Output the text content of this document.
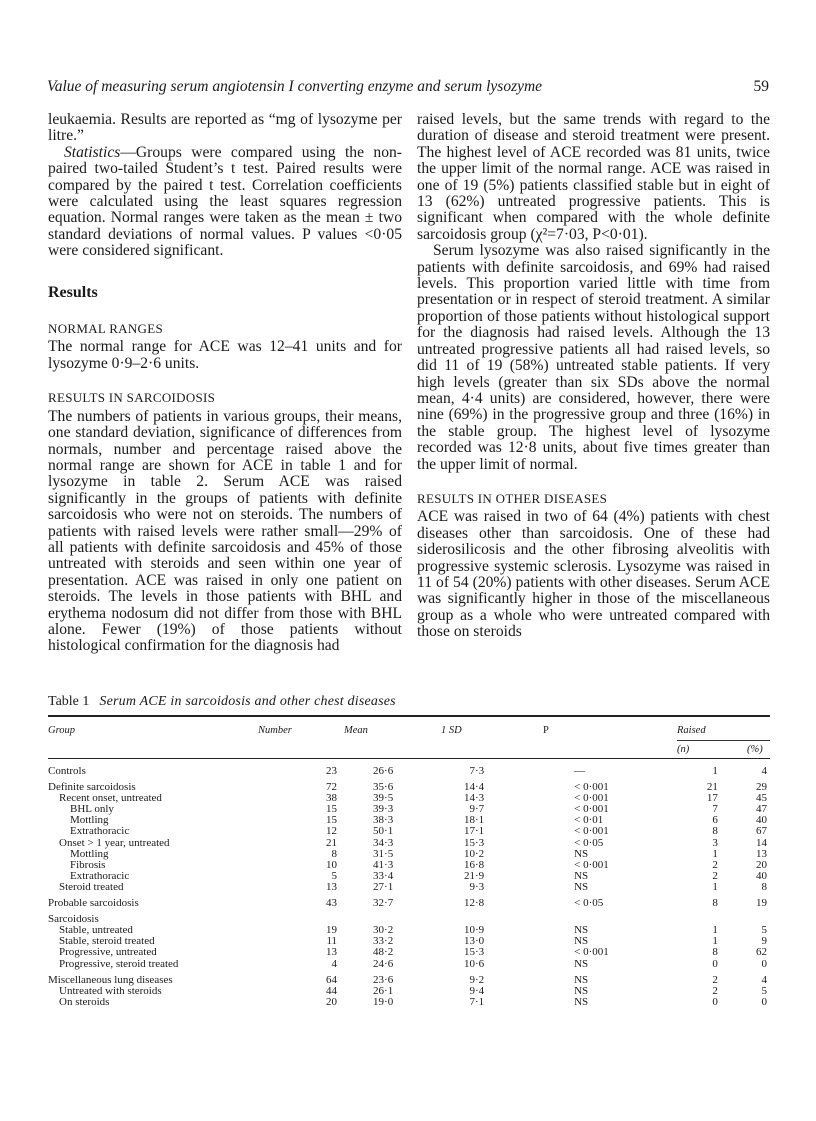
Value of measuring serum angiotensin I converting enzyme and serum lysozyme	59

leukaemia. Results are reported as “mg of lysozyme per litre.”

Statistics—Groups were compared using the non-paired two-tailed Student’s t test. Paired results were compared by the paired t test. Correlation coefficients were calculated using the least squares regression equation. Normal ranges were taken as the mean ± two standard deviations of normal values. P values <0·05 were considered significant.

Results
NORMAL RANGES

The normal range for ACE was 12–41 units and for lysozyme 0·9–2·6 units.

RESULTS IN SARCOIDOSIS

The numbers of patients in various groups, their means, one standard deviation, significance of differences from normals, number and percentage raised above the normal range are shown for ACE in table 1 and for lysozyme in table 2. Serum ACE was raised significantly in the groups of patients with definite sarcoidosis who were not on steroids. The numbers of patients with raised levels were rather small—29% of all patients with definite sarcoidosis and 45% of those untreated with steroids and seen within one year of presentation. ACE was raised in only one patient on steroids. The levels in those patients with BHL and erythema nodosum did not differ from those with BHL alone. Fewer (19%) of those patients without histological confirmation for the diagnosis had

raised levels, but the same trends with regard to the duration of disease and steroid treatment were present. The highest level of ACE recorded was 81 units, twice the upper limit of the normal range. ACE was raised in one of 19 (5%) patients classified stable but in eight of 13 (62%) untreated progressive patients. This is significant when compared with the whole definite sarcoidosis group (χ²=7·03, P<0·01).

Serum lysozyme was also raised significantly in the patients with definite sarcoidosis, and 69% had raised levels. This proportion varied little with time from presentation or in respect of steroid treatment. A similar proportion of those patients without histological support for the diagnosis had raised levels. Although the 13 untreated progressive patients all had raised levels, so did 11 of 19 (58%) untreated stable patients. If very high levels (greater than six SDs above the normal mean, 4·4 units) are considered, however, there were nine (69%) in the progressive group and three (16%) in the stable group. The highest level of lysozyme recorded was 12·8 units, about five times greater than the upper limit of normal.

RESULTS IN OTHER DISEASES

ACE was raised in two of 64 (4%) patients with chest diseases other than sarcoidosis. One of these had siderosilicosis and the other fibrosing alveolitis with progressive systemic sclerosis. Lysozyme was raised in 11 of 54 (20%) patients with other diseases. Serum ACE was significantly higher in those of the miscellaneous group as a whole who were untreated compared with those on steroids

Table 1 Serum ACE in sarcoidosis and other chest diseases
Group	Number	Mean	1 SD	P	Raised
(n)	(%)
Controls	23	26·6	7·3	—	1	4
Definite sarcoidosis	72	35·6	14·4	< 0·001	21	29
Recent onset, untreated	38	39·5	14·3	< 0·001	17	45
BHL only	15	39·3	9·7	< 0·001	7	47
Mottling	15	38·3	18·1	< 0·01	6	40
Extrathoracic	12	50·1	17·1	< 0·001	8	67
Onset > 1 year, untreated	21	34·3	15·3	< 0·05	3	14
Mottling	8	31·5	10·2	NS	1	13
Fibrosis	10	41·3	16·8	< 0·001	2	20
Extrathoracic	5	33·4	21·9	NS	2	40
Steroid treated	13	27·1	9·3	NS	1	8
Probable sarcoidosis	43	32·7	12·8	< 0·05	8	19
Sarcoidosis						
Stable, untreated	19	30·2	10·9	NS	1	5
Stable, steroid treated	11	33·2	13·0	NS	1	9
Progressive, untreated	13	48·2	15·3	< 0·001	8	62
Progressive, steroid treated	4	24·6	10·6	NS	0	0
Miscellaneous lung diseases	64	23·6	9·2	NS	2	4
Untreated with steroids	44	26·1	9·4	NS	2	5
On steroids	20	19·0	7·1	NS	0	0
